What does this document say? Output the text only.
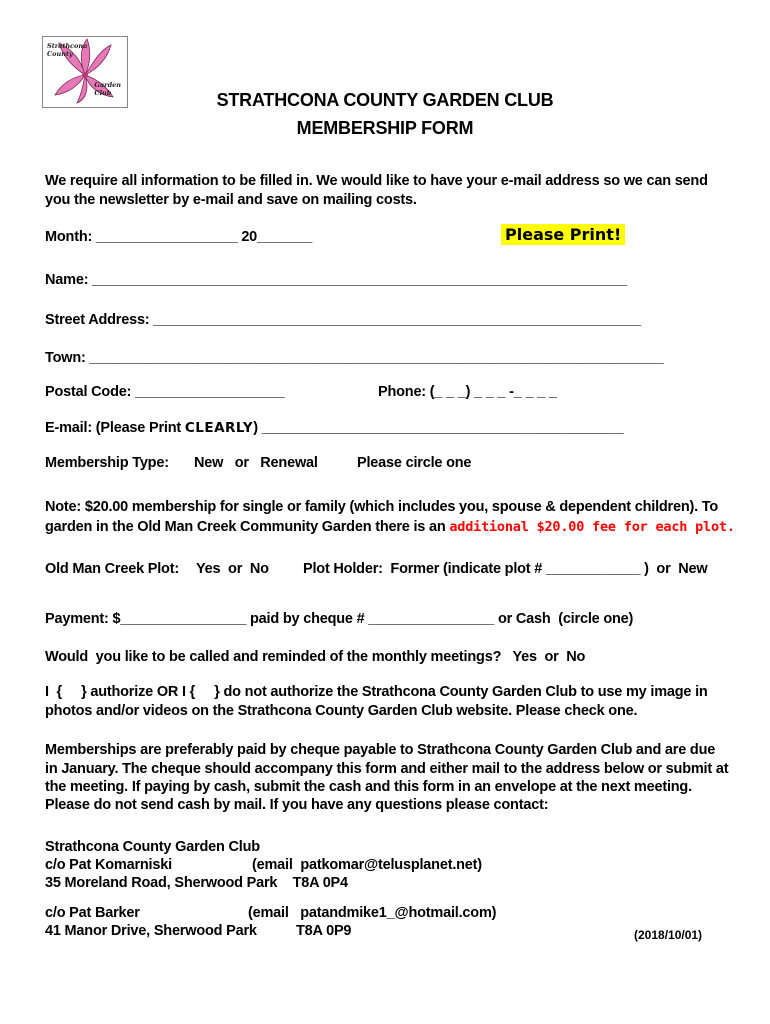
Strathcona
County
Garden
Club	STRATHCONA COUNTY GARDEN CLUB
MEMBERSHIP FORM
We require all information to be filled in. We would like to have your e-mail address so we can send
you the newsletter by e-mail and save on mailing costs.
Month: __________________ 20_______	Please Print!
Name: ____________________________________________________________________
Street Address: ______________________________________________________________
Town: _________________________________________________________________________
Postal Code: ___________________	Phone: (_ _ _) _ _ _ -_ _ _ _
E-mail: (Please Print CLEARLY) ______________________________________________
Membership Type: New   or   Renewal	Please circle one
Note: $20.00 membership for single or family (which includes you, spouse & dependent children). To
garden in the Old Man Creek Community Garden there is an additional $20.00 fee for each plot.
Old Man Creek Plot: Yes  or  No Plot Holder:  Former (indicate plot # ____________ )  or  New
Payment: $________________ paid by cheque # ________________ or Cash  (circle one)
Would  you like to be called and reminded of the monthly meetings?   Yes  or  No
I  {     } authorize OR I {     } do not authorize the Strathcona County Garden Club to use my image in
photos and/or videos on the Strathcona County Garden Club website. Please check one.
Memberships are preferably paid by cheque payable to Strathcona County Garden Club and are due
in January. The cheque should accompany this form and either mail to the address below or submit at
the meeting. If paying by cash, submit the cash and this form in an envelope at the next meeting.
Please do not send cash by mail. If you have any questions please contact:
Strathcona County Garden Club
c/o Pat Komarniski	(email  patkomar@telusplanet.net)
35 Moreland Road, Sherwood Park    T8A 0P4
c/o Pat Barker	(email   patandmike1_@hotmail.com)
41 Manor Drive, Sherwood Park	T8A 0P9	(2018/10/01)
